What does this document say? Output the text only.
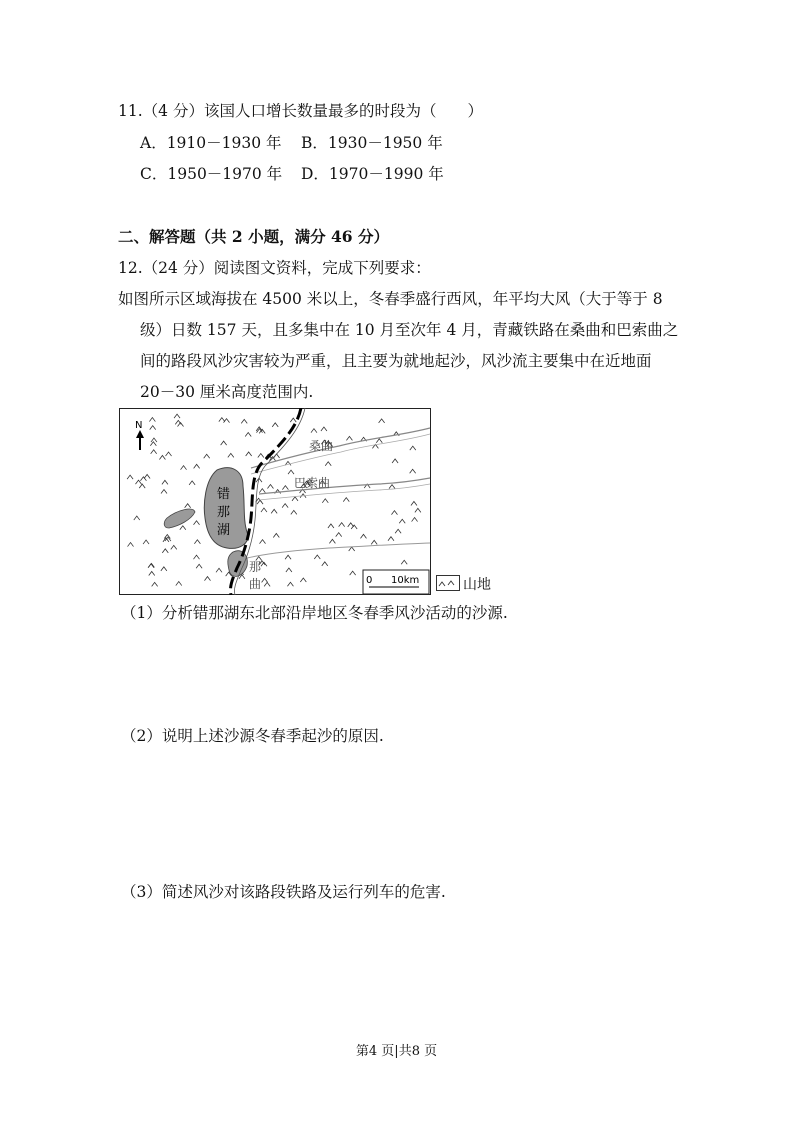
11.（4 分）该国人口增长数量最多的时段为（　　）
A．1910－1930 年 B．1930－1950 年
C．1950－1970 年 D．1970－1990 年
二、解答题（共 2 小题，满分 46 分）
12.（24 分）阅读图文资料，完成下列要求：
如图所示区域海拔在 4500 米以上，冬春季盛行西风，年平均大风（大于等于 8
级）日数 157 天，且多集中在 10 月至次年 4 月，青藏铁路在桑曲和巴索曲之
间的路段风沙灾害较为严重，且主要为就地起沙，风沙流主要集中在近地面
20－30 厘米高度范围内.
N
错
那
湖
桑曲
巴索曲
那
曲	0 10km	山地
（1）分析错那湖东北部沿岸地区冬春季风沙活动的沙源.
（2）说明上述沙源冬春季起沙的原因.
（3）简述风沙对该路段铁路及运行列车的危害.
第4 页|共8 页
